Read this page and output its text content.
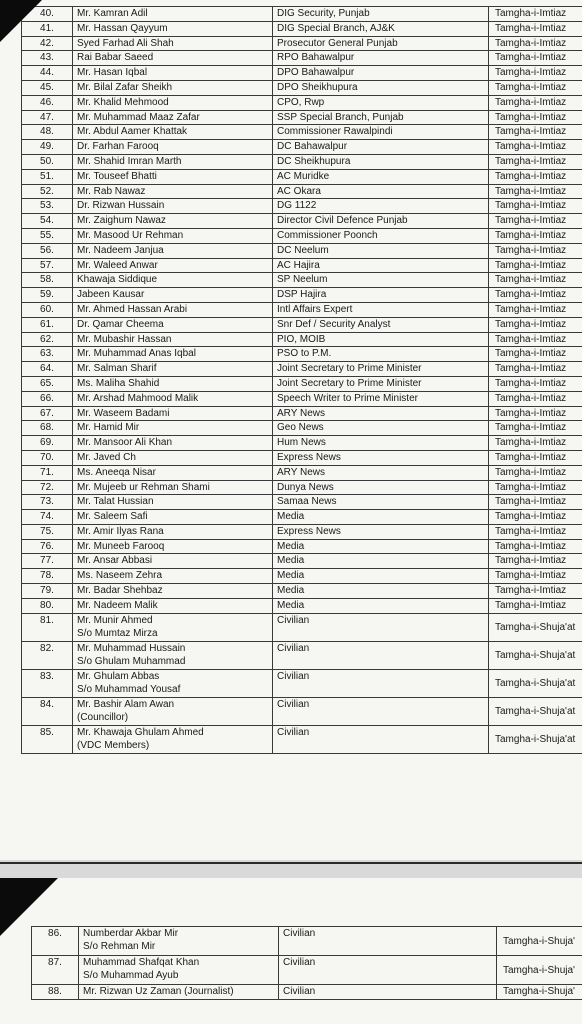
40.	Mr. Kamran Adil	DIG Security, Punjab	Tamgha-i-Imtiaz
41.	Mr. Hassan Qayyum	DIG Special Branch, AJ&K	Tamgha-i-Imtiaz
42.	Syed Farhad Ali Shah	Prosecutor General Punjab	Tamgha-i-Imtiaz
43.	Rai Babar Saeed	RPO Bahawalpur	Tamgha-i-Imtiaz
44.	Mr. Hasan Iqbal	DPO Bahawalpur	Tamgha-i-Imtiaz
45.	Mr. Bilal Zafar Sheikh	DPO Sheikhupura	Tamgha-i-Imtiaz
46.	Mr. Khalid Mehmood	CPO, Rwp	Tamgha-i-Imtiaz
47.	Mr. Muhammad Maaz Zafar	SSP Special Branch, Punjab	Tamgha-i-Imtiaz
48.	Mr. Abdul Aamer Khattak	Commissioner Rawalpindi	Tamgha-i-Imtiaz
49.	Dr. Farhan Farooq	DC Bahawalpur	Tamgha-i-Imtiaz
50.	Mr. Shahid Imran Marth	DC Sheikhupura	Tamgha-i-Imtiaz
51.	Mr. Touseef Bhatti	AC Muridke	Tamgha-i-Imtiaz
52.	Mr. Rab Nawaz	AC Okara	Tamgha-i-Imtiaz
53.	Dr. Rizwan Hussain	DG 1122	Tamgha-i-Imtiaz
54.	Mr. Zaighum Nawaz	Director Civil Defence Punjab	Tamgha-i-Imtiaz
55.	Mr. Masood Ur Rehman	Commissioner Poonch	Tamgha-i-Imtiaz
56.	Mr. Nadeem Janjua	DC Neelum	Tamgha-i-Imtiaz
57.	Mr. Waleed Anwar	AC Hajira	Tamgha-i-Imtiaz
58.	Khawaja Siddique	SP Neelum	Tamgha-i-Imtiaz
59.	Jabeen Kausar	DSP Hajira	Tamgha-i-Imtiaz
60.	Mr. Ahmed Hassan Arabi	Intl Affairs Expert	Tamgha-i-Imtiaz
61.	Dr. Qamar Cheema	Snr Def / Security Analyst	Tamgha-i-Imtiaz
62.	Mr. Mubashir Hassan	PIO, MOIB	Tamgha-i-Imtiaz
63.	Mr. Muhammad Anas Iqbal	PSO to P.M.	Tamgha-i-Imtiaz
64.	Mr. Salman Sharif	Joint Secretary to Prime Minister	Tamgha-i-Imtiaz
65.	Ms. Maliha Shahid	Joint Secretary to Prime Minister	Tamgha-i-Imtiaz
66.	Mr. Arshad Mahmood Malik	Speech Writer to Prime Minister	Tamgha-i-Imtiaz
67.	Mr. Waseem Badami	ARY News	Tamgha-i-Imtiaz
68.	Mr. Hamid Mir	Geo News	Tamgha-i-Imtiaz
69.	Mr. Mansoor Ali Khan	Hum News	Tamgha-i-Imtiaz
70.	Mr. Javed Ch	Express News	Tamgha-i-Imtiaz
71.	Ms. Aneeqa Nisar	ARY News	Tamgha-i-Imtiaz
72.	Mr. Mujeeb ur Rehman Shami	Dunya News	Tamgha-i-Imtiaz
73.	Mr. Talat Hussian	Samaa News	Tamgha-i-Imtiaz
74.	Mr. Saleem Safi	Media	Tamgha-i-Imtiaz
75.	Mr. Amir Ilyas Rana	Express News	Tamgha-i-Imtiaz
76.	Mr. Muneeb Farooq	Media	Tamgha-i-Imtiaz
77.	Mr. Ansar Abbasi	Media	Tamgha-i-Imtiaz
78.	Ms. Naseem Zehra	Media	Tamgha-i-Imtiaz
79.	Mr. Badar Shehbaz	Media	Tamgha-i-Imtiaz
80.	Mr. Nadeem Malik	Media	Tamgha-i-Imtiaz
81.	Mr. Munir Ahmed
S/o Mumtaz Mirza	Civilian	Tamgha-i-Shuja'at
82.	Mr. Muhammad Hussain
S/o Ghulam Muhammad	Civilian	Tamgha-i-Shuja'at
83.	Mr. Ghulam Abbas
S/o Muhammad Yousaf	Civilian	Tamgha-i-Shuja'at
84.	Mr. Bashir Alam Awan
(Councillor)	Civilian	Tamgha-i-Shuja'at
85.	Mr. Khawaja Ghulam Ahmed
(VDC Members)	Civilian	Tamgha-i-Shuja'at
86.	Numberdar Akbar Mir
S/o Rehman Mir	Civilian	Tamgha-i-Shuja'
87.	Muhammad Shafqat Khan
S/o Muhammad Ayub	Civilian	Tamgha-i-Shuja'
88.	Mr. Rizwan Uz Zaman (Journalist)	Civilian	Tamgha-i-Shuja'
